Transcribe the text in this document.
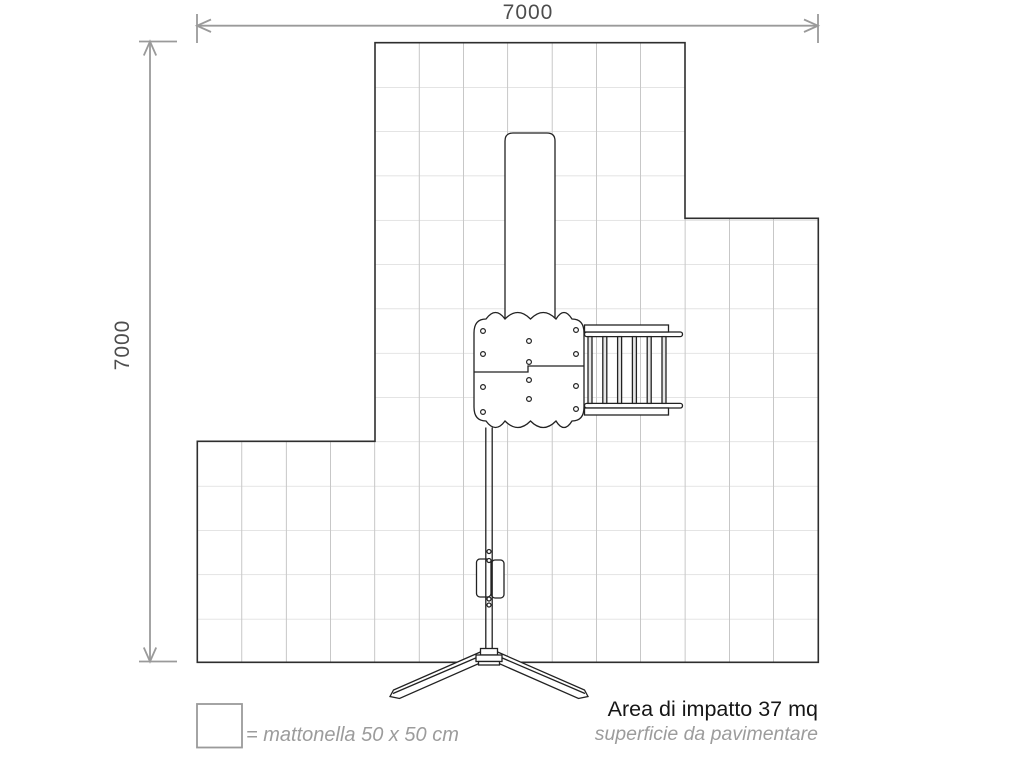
7000
7000
= mattonella 50 x 50 cm
Area di impatto 37 mq
superficie da pavimentare
